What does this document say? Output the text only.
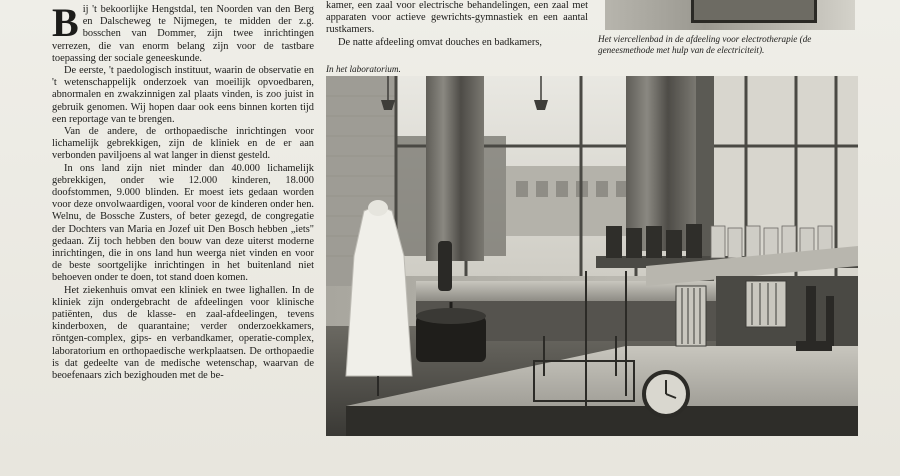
Bij 't bekoorlijke Hengstdal, ten Noorden van den Berg en Dalscheweg te Nijmegen, te midden der z.g. bosschen van Dommer, zijn twee inrichtingen verrezen, die van enorm belang zijn voor de tastbare toepassing der sociale geneeskunde.

De eerste, 't paedologisch instituut, waarin de observatie en 't wetenschappelijk onderzoek van moeilijk opvoedbaren, abnormalen en zwakzinnigen zal plaats vinden, is zoo juist in gebruik genomen. Wij hopen daar ook eens binnen korten tijd een reportage van te brengen.

Van de andere, de orthopaedische inrichtingen voor lichamelijk gebrekkigen, zijn de kliniek en de er aan verbonden paviljoens al wat langer in dienst gesteld.

In ons land zijn niet minder dan 40.000 lichamelijk gebrekkigen, onder wie 12.000 kinderen, 18.000 doofstommen, 9.000 blinden. Er moest iets gedaan worden voor deze onvolwaardigen, vooral voor de kinderen onder hen. Welnu, de Bossche Zusters, of beter gezegd, de congregatie der Dochters van Maria en Jozef uit Den Bosch hebben „iets" gedaan. Zij toch hebben den bouw van deze uiterst moderne inrichtingen, die in ons land hun weerga niet vinden en voor de beste soortgelijke inrichtingen in het buitenland niet behoeven onder te doen, tot stand doen komen.

Het ziekenhuis omvat een kliniek en twee lighallen. In de kliniek zijn ondergebracht de afdeelingen voor klinische patiënten, dus de klasse- en zaal-afdeelingen, tevens kinderboxen, de quarantaine; verder onderzoekkamers, röntgen-complex, gips- en verbandkamer, operatie-complex, laboratorium en orthopaedische werkplaatsen. De orthopaedie is dat gedeelte van de medische wetenschap, waarvan de beoefenaars zich bezighouden met de be-

kamer, een zaal voor electrische behandelingen, een zaal met apparaten voor actieve gewrichts-gymnastiek en een aantal rustkamers.

De natte afdeeling omvat douches en badkamers,	Het viercellenbad in de afdeeling voor electrotherapie (de geneesmethode met hulp van de electriciteit).
In het laboratorium.
